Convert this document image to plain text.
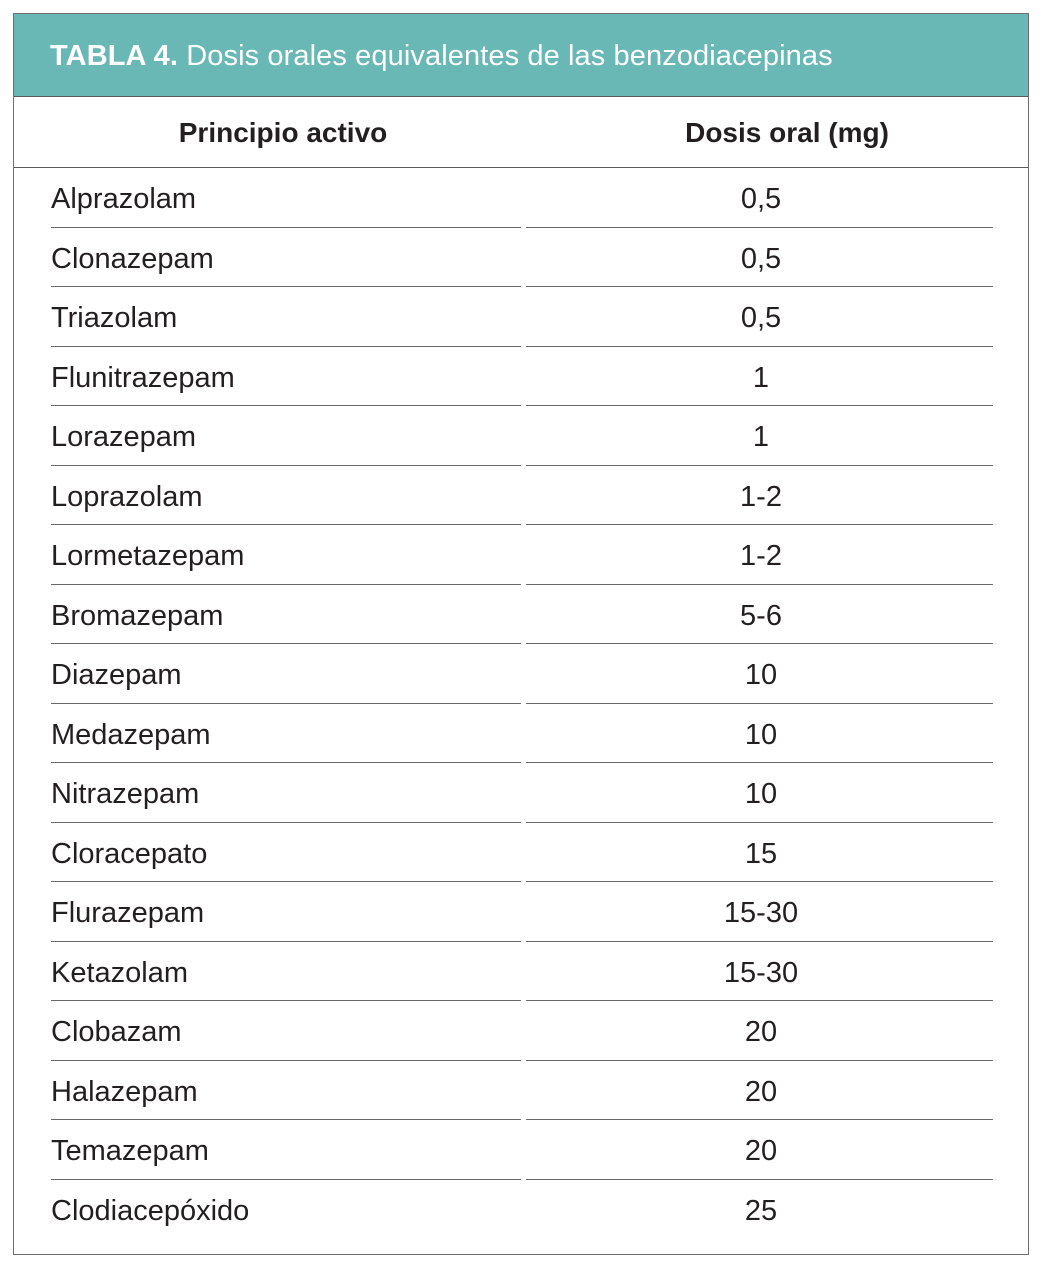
TABLA 4. Dosis orales equivalentes de las benzodiacepinas
Principio activo	Dosis oral (mg)
Alprazolam	0,5
Clonazepam	0,5
Triazolam	0,5
Flunitrazepam	1
Lorazepam	1
Loprazolam	1-2
Lormetazepam	1-2
Bromazepam	5-6
Diazepam	10
Medazepam	10
Nitrazepam	10
Cloracepato	15
Flurazepam	15-30
Ketazolam	15-30
Clobazam	20
Halazepam	20
Temazepam	20
Clodiacepóxido	25
